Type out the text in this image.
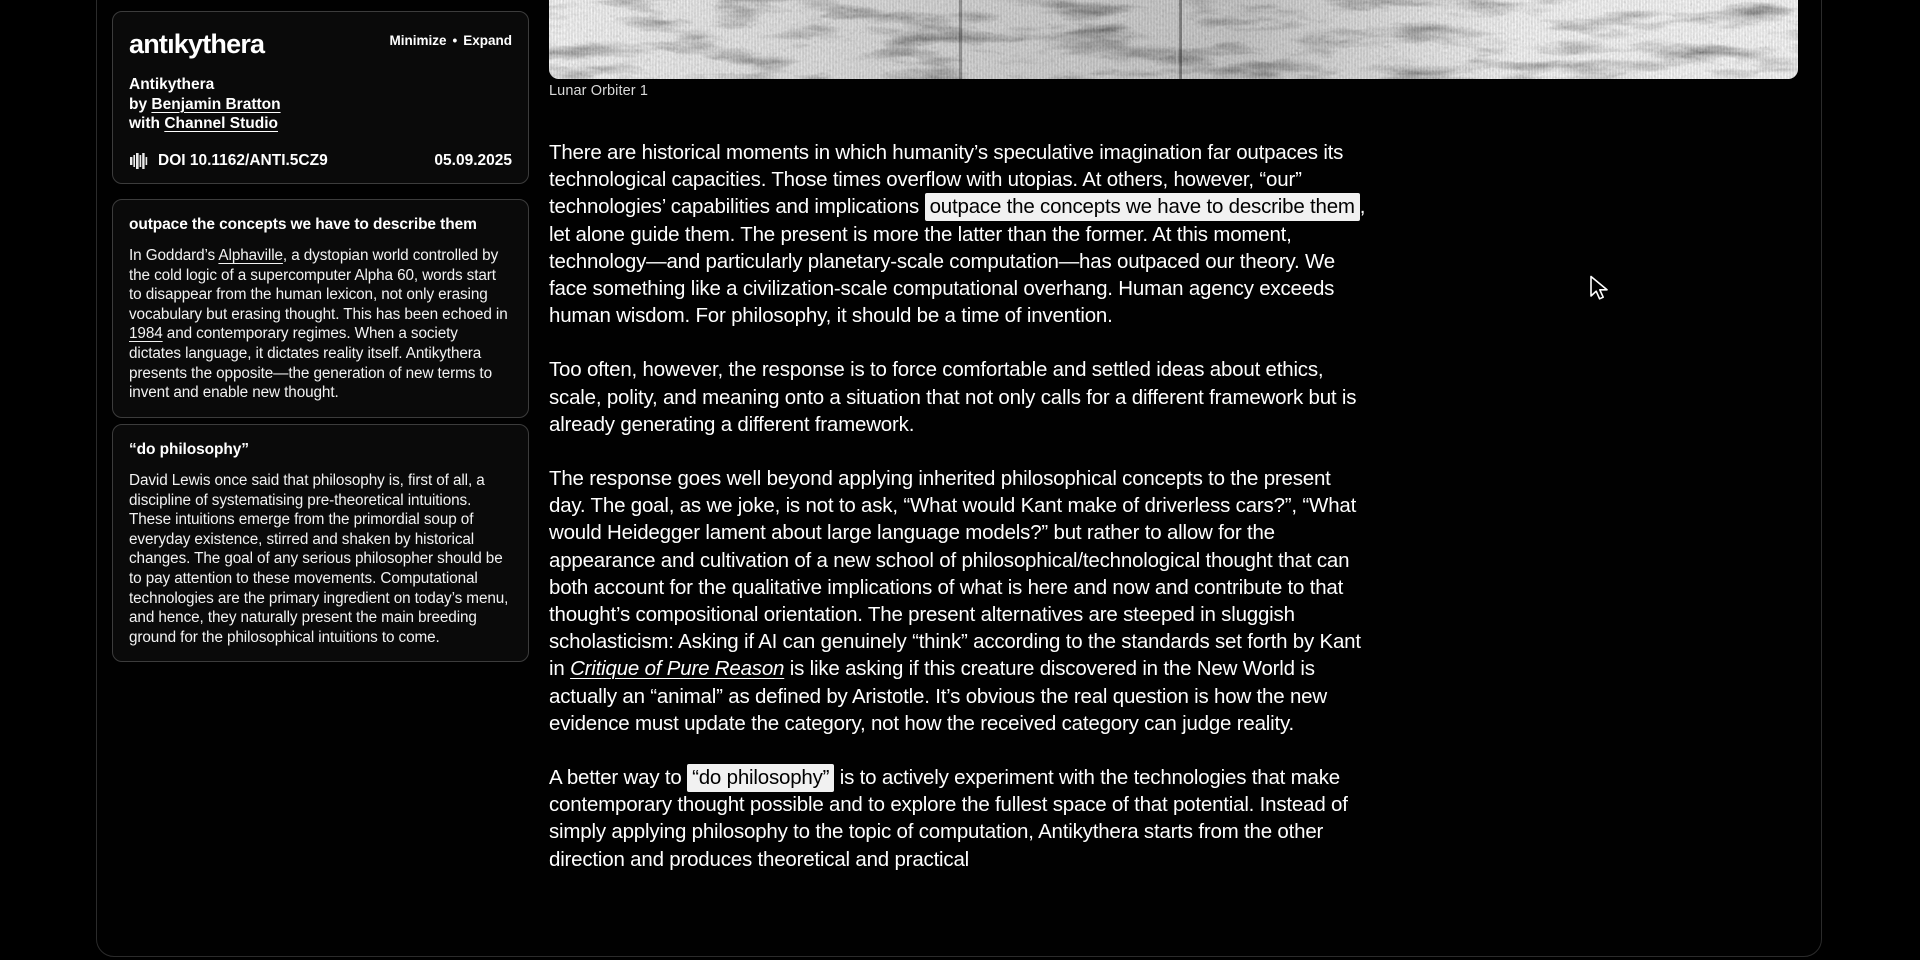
antıkythera	Minimize • Expand
Antikythera
by Benjamin Bratton
with Channel Studio
DOI 10.1162/ANTI.5CZ9	05.09.2025
outpace the concepts we have to describe them
In Goddard’s Alphaville, a dystopian world controlled by the cold logic of a supercomputer Alpha 60, words start to disappear from the human lexicon, not only erasing vocabulary but erasing thought. This has been echoed in 1984 and contemporary regimes. When a society dictates language, it dictates reality itself. Antikythera presents the opposite—the generation of new terms to invent and enable new thought.
“do philosophy”
David Lewis once said that philosophy is, first of all, a discipline of systematising pre-theoretical intuitions. These intuitions emerge from the primordial soup of everyday existence, stirred and shaken by historical changes. The goal of any serious philosopher should be to pay attention to these movements. Computational technologies are the primary ingredient on today’s menu, and hence, they naturally present the main breeding ground for the philosophical intuitions to come.
Lunar Orbiter 1

There are historical moments in which humanity’s speculative imagination far outpaces its technological capacities. Those times overflow with utopias. At others, however, “our” technologies’ capabilities and implications outpace the concepts we have to describe them , let alone guide them. The present is more the latter than the former. At this moment, technology—and particularly planetary-scale computation—has outpaced our theory. We face something like a civilization-scale computational overhang. Human agency exceeds human wisdom. For philosophy, it should be a time of invention.

Too often, however, the response is to force comfortable and settled ideas about ethics, scale, polity, and meaning onto a situation that not only calls for a different framework but is already generating a different framework.

The response goes well beyond applying inherited philosophical concepts to the present day. The goal, as we joke, is not to ask, “What would Kant make of driverless cars?”, “What would Heidegger lament about large language models?” but rather to allow for the appearance and cultivation of a new school of philosophical/technological thought that can both account for the qualitative implications of what is here and now and contribute to that thought’s compositional orientation. The present alternatives are steeped in sluggish scholasticism: Asking if AI can genuinely “think” according to the standards set forth by Kant in Critique of Pure Reason is like asking if this creature discovered in the New World is actually an “animal” as defined by Aristotle. It’s obvious the real question is how the new evidence must update the category, not how the received category can judge reality.

A better way to “do philosophy” is to actively experiment with the technologies that make contemporary thought possible and to explore the fullest space of that potential. Instead of simply applying philosophy to the topic of computation, Antikythera starts from the other direction and produces theoretical and practical
